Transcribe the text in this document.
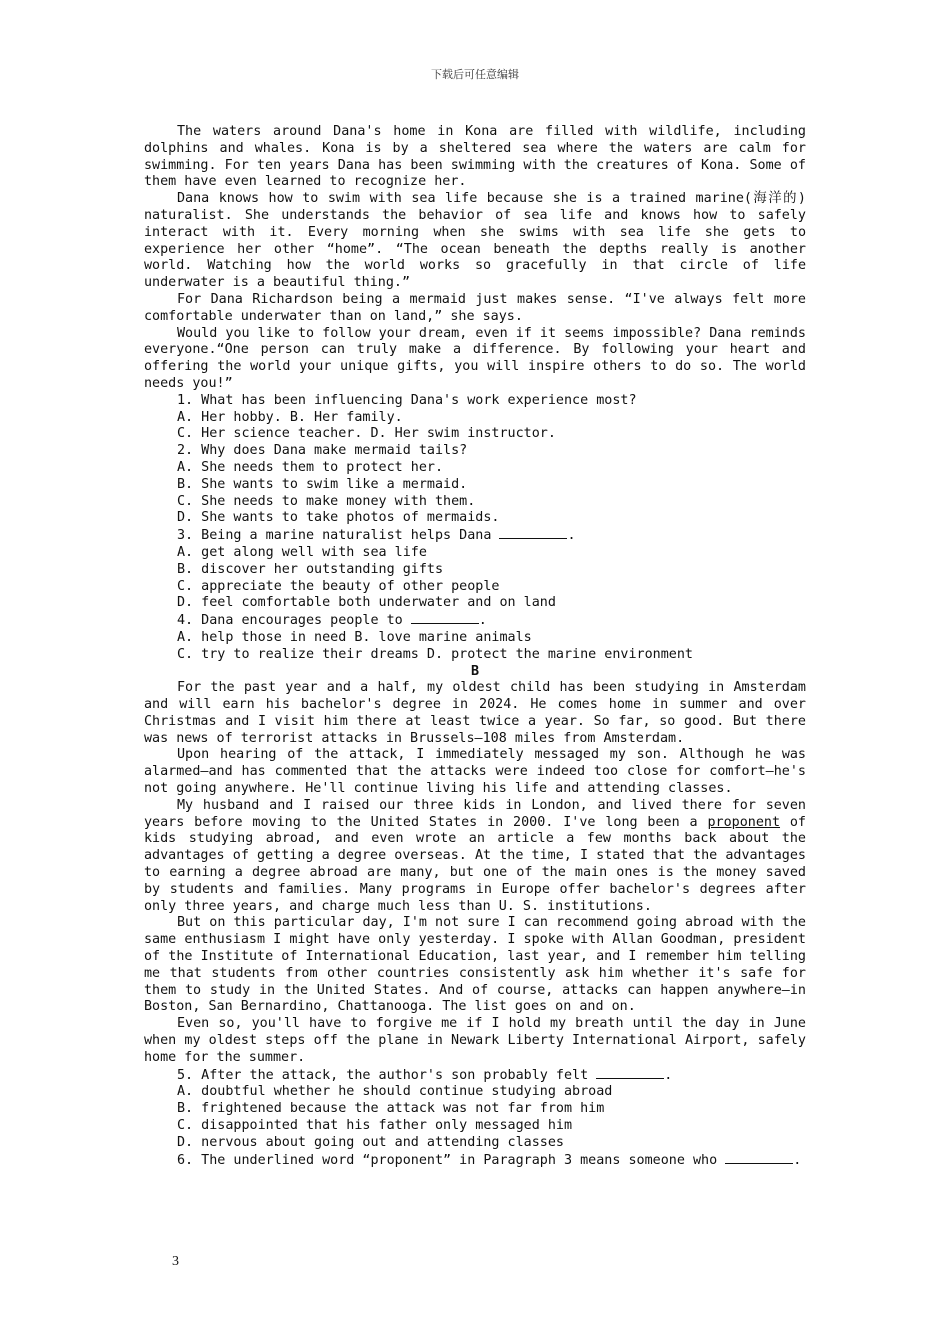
下载后可任意编辑

The waters around Dana's home in Kona are filled with wildlife, including dolphins and whales. Kona is by a sheltered sea where the waters are calm for swimming. For ten years Dana has been swimming with the creatures of Kona. Some of them have even learned to recognize her.

Dana knows how to swim with sea life because she is a trained marine(海洋的) naturalist. She understands the behavior of sea life and knows how to safely interact with it. Every morning when she swims with sea life she gets to experience her other “home”. “The ocean beneath the depths really is another world. Watching how the world works so gracefully in that circle of life underwater is a beautiful thing.”

For Dana Richardson being a mermaid just makes sense. “I've always felt more comfortable underwater than on land,” she says.

Would you like to follow your dream, even if it seems impossible? Dana reminds everyone.“One person can truly make a difference. By following your heart and offering the world your unique gifts, you will inspire others to do so. The world needs you!”

1. What has been influencing Dana's work experience most?
A. Her hobby. B. Her family.
C. Her science teacher. D. Her swim instructor.
2. Why does Dana make mermaid tails?
A. She needs them to protect her.
B. She wants to swim like a mermaid.
C. She needs to make money with them.
D. She wants to take photos of mermaids.
3. Being a marine naturalist helps Dana	.
A. get along well with sea life
B. discover her outstanding gifts
C. appreciate the beauty of other people
D. feel comfortable both underwater and on land
4. Dana encourages people to	.
A. help those in need B. love marine animals
C. try to realize their dreams D. protect the marine environment
B

For the past year and a half, my oldest child has been studying in Amsterdam and will earn his bachelor's degree in 2024. He comes home in summer and over Christmas and I visit him there at least twice a year. So far, so good. But there was news of terrorist attacks in Brussels—108 miles from Amsterdam.

Upon hearing of the attack, I immediately messaged my son. Although he was alarmed—and has commented that the attacks were indeed too close for comfort—he's not going anywhere. He'll continue living his life and attending classes.

My husband and I raised our three kids in London, and lived there for seven years before moving to the United States in 2000. I've long been a proponent of kids studying abroad, and even wrote an article a few months back about the advantages of getting a degree overseas. At the time, I stated that the advantages to earning a degree abroad are many, but one of the main ones is the money saved by students and families. Many programs in Europe offer bachelor's degrees after only three years, and charge much less than U. S. institutions.

But on this particular day, I'm not sure I can recommend going abroad with the same enthusiasm I might have only yesterday. I spoke with Allan Goodman, president of the Institute of International Education, last year, and I remember him telling me that students from other countries consistently ask him whether it's safe for them to study in the United States. And of course, attacks can happen anywhere—in Boston, San Bernardino, Chattanooga. The list goes on and on.

Even so, you'll have to forgive me if I hold my breath until the day in June when my oldest steps off the plane in Newark Liberty International Airport, safely home for the summer.

5. After the attack, the author's son probably felt	.
A. doubtful whether he should continue studying abroad
B. frightened because the attack was not far from him
C. disappointed that his father only messaged him
D. nervous about going out and attending classes

6. The underlined word “proponent” in Paragraph 3 means someone who	.

3
